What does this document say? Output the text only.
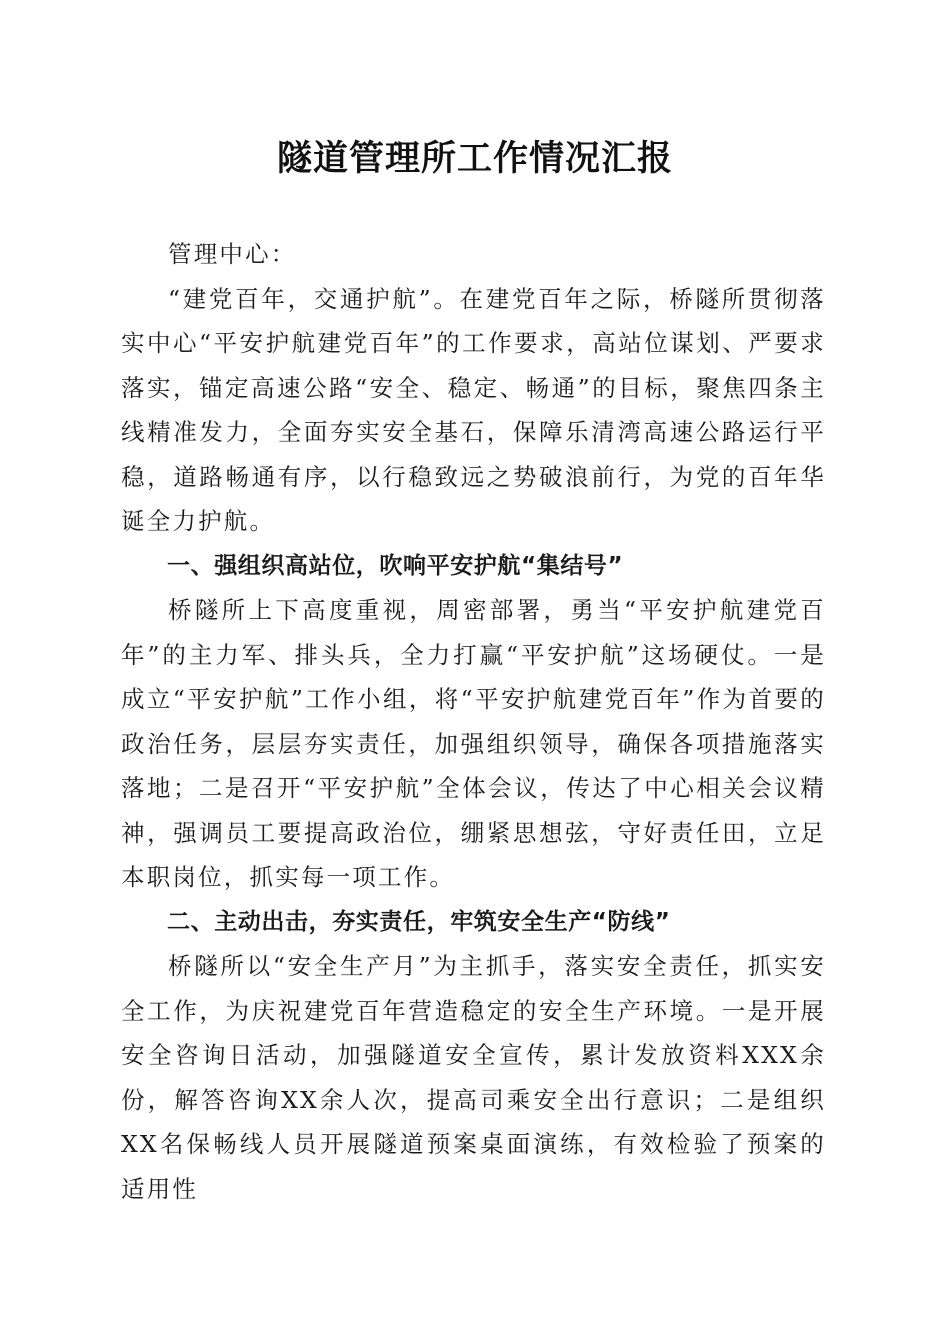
隧道管理所工作情况汇报

管理中心：

“建党百年，交通护航”。在建党百年之际，桥隧所贯彻落实中心“平安护航建党百年”的工作要求，高站位谋划、严要求落实，锚定高速公路“安全、稳定、畅通”的目标，聚焦四条主线精准发力，全面夯实安全基石，保障乐清湾高速公路运行平稳，道路畅通有序，以行稳致远之势破浪前行，为党的百年华诞全力护航。

一、强组织高站位，吹响平安护航“集结号”

桥隧所上下高度重视，周密部署，勇当“平安护航建党百年”的主力军、排头兵，全力打赢“平安护航”这场硬仗。一是成立“平安护航”工作小组，将“平安护航建党百年”作为首要的政治任务，层层夯实责任，加强组织领导，确保各项措施落实落地；二是召开“平安护航”全体会议，传达了中心相关会议精神，强调员工要提高政治位，绷紧思想弦，守好责任田，立足本职岗位，抓实每一项工作。

二、主动出击，夯实责任，牢筑安全生产“防线”

桥隧所以“安全生产月”为主抓手，落实安全责任，抓实安全工作，为庆祝建党百年营造稳定的安全生产环境。一是开展安全咨询日活动，加强隧道安全宣传，累计发放资料XXX余份，解答咨询XX余人次，提高司乘安全出行意识；二是组织XX名保畅线人员开展隧道预案桌面演练，有效检验了预案的适用性
